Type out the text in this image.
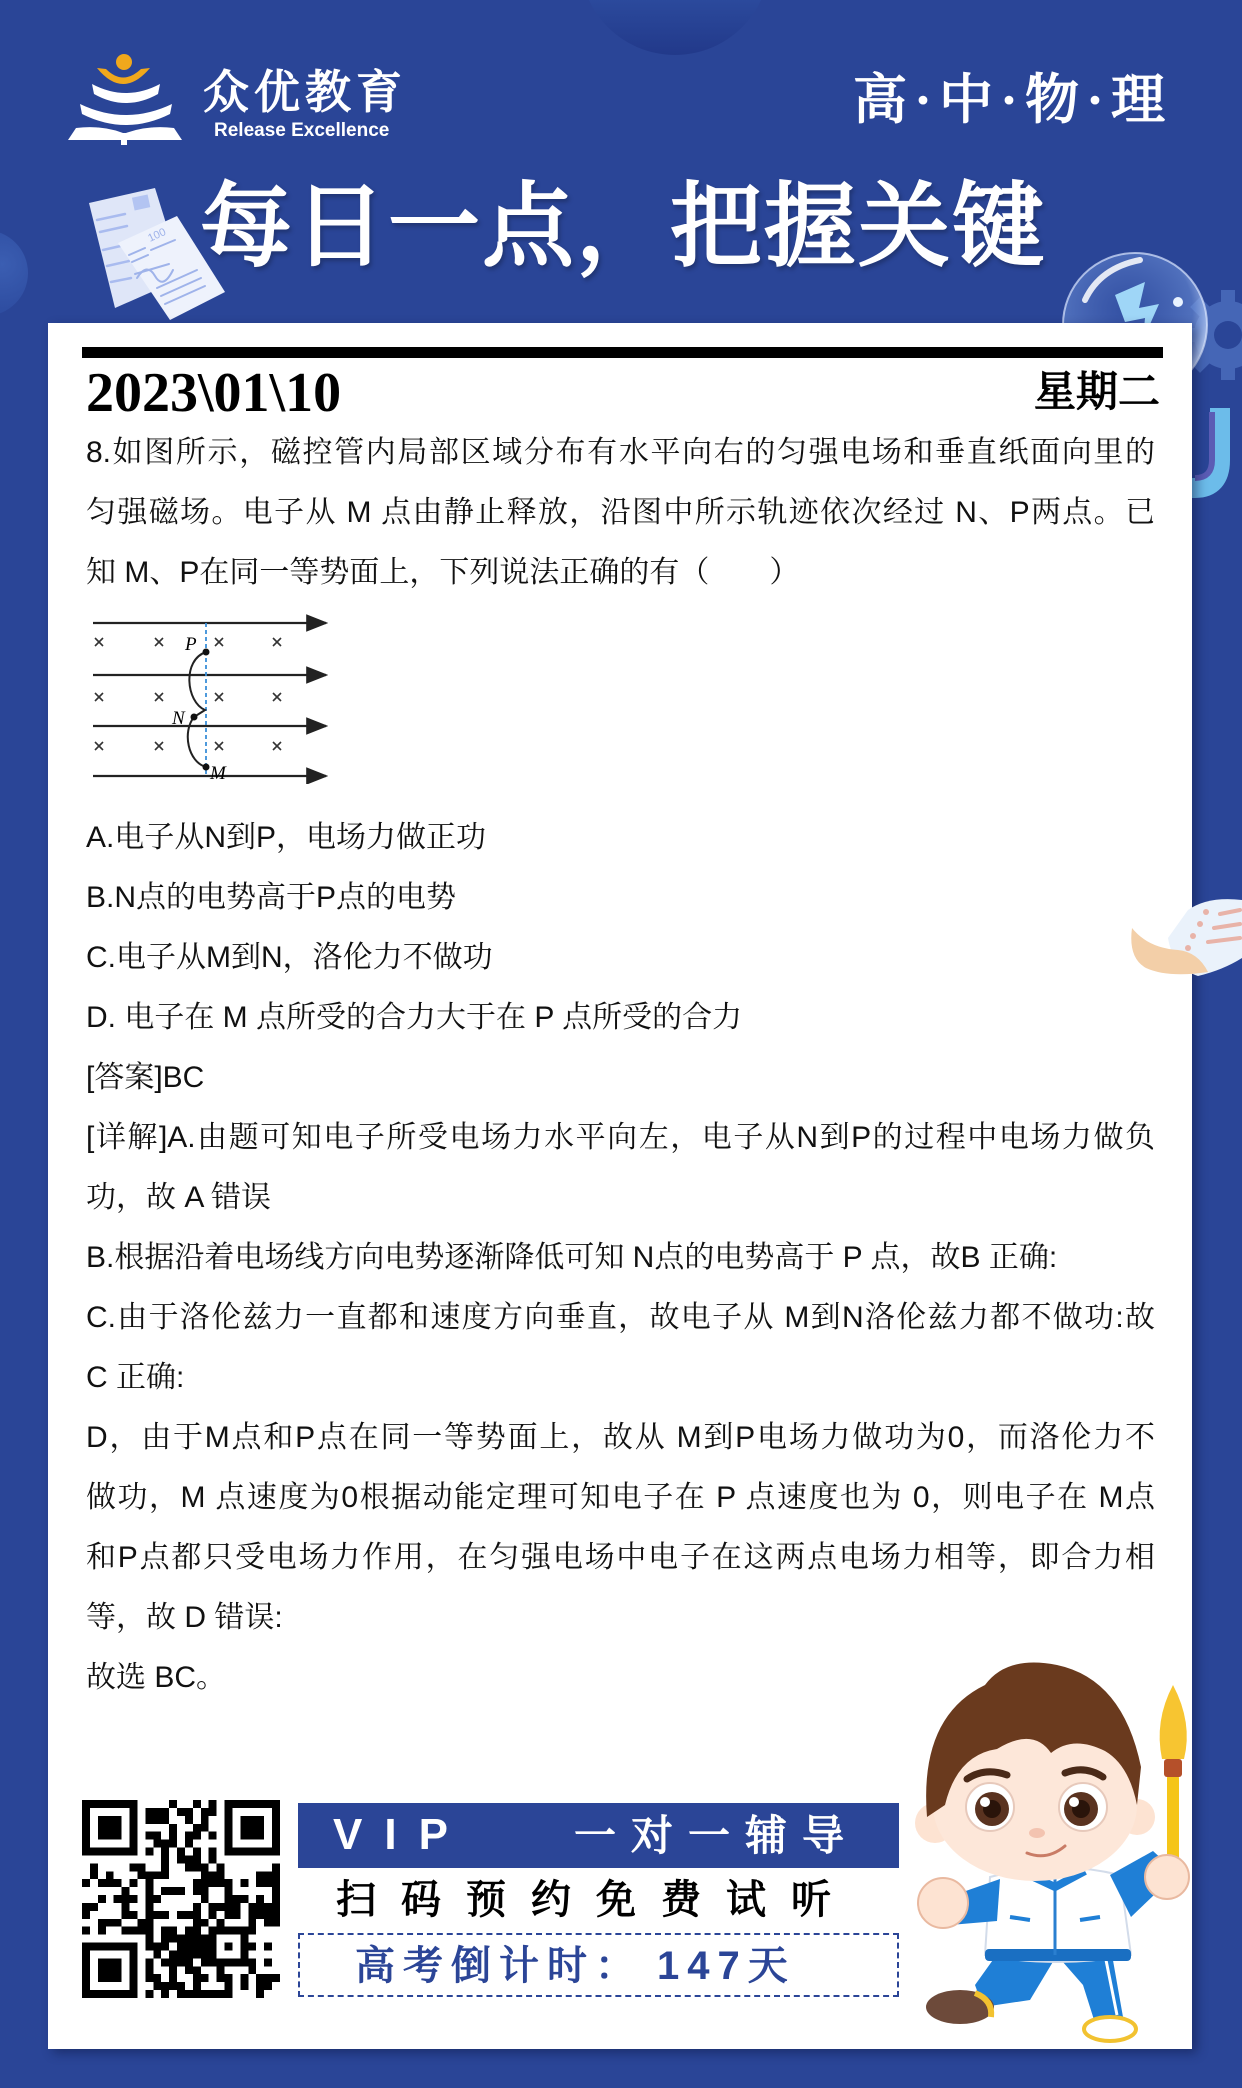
100
众优教育
Release Excellence
高·中·物·理
每日一点，把握关键
2023\01\10	星期二
8.如图所示，磁控管内局部区域分布有水平向右的匀强电场和垂直纸面向里的
匀强磁场。电子从 M 点由静止释放，沿图中所示轨迹依次经过 N、P两点。已
知 M、P在同一等势面上，下列说法正确的有（　　）
P
N
M
A.电子从N到P，电场力做正功
B.N点的电势高于P点的电势
C.电子从M到N，洛伦力不做功
D. 电子在 M 点所受的合力大于在 P 点所受的合力
[答案]BC
[详解]A.由题可知电子所受电场力水平向左，电子从N到P的过程中电场力做负
功，故 A 错误
B.根据沿着电场线方向电势逐渐降低可知 N点的电势高于 P 点，故B 正确:
C.由于洛伦兹力一直都和速度方向垂直，故电子从 M到N洛伦兹力都不做功:故
C 正确:
D，由于M点和P点在同一等势面上，故从 M到P电场力做功为0，而洛伦力不
做功，M 点速度为0根据动能定理可知电子在 P 点速度也为 0，则电子在 M点
和P点都只受电场力作用，在匀强电场中电子在这两点电场力相等，即合力相
等，故 D 错误:
故选 BC。
VIP 一对一辅导
扫码预约免费试听
高考倒计时： 147天
